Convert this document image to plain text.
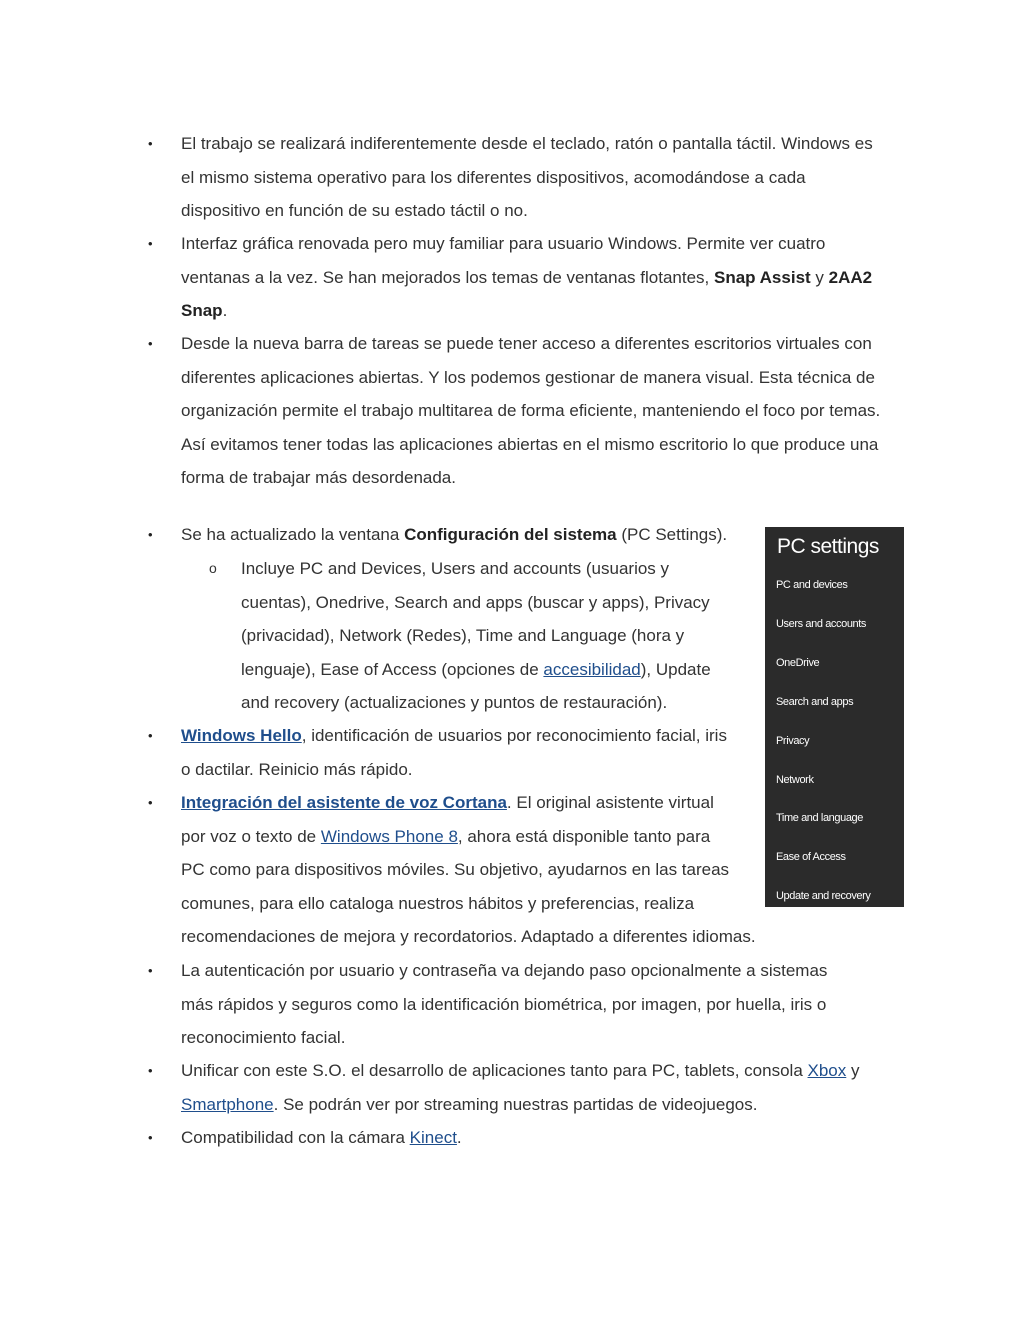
•	El trabajo se realizará indiferentemente desde el teclado, ratón o pantalla táctil. Windows es
el mismo sistema operativo para los diferentes dispositivos, acomodándose a cada
dispositivo en función de su estado táctil o no.
•	Interfaz gráfica renovada pero muy familiar para usuario Windows. Permite ver cuatro
ventanas a la vez. Se han mejorados los temas de ventanas flotantes, Snap Assist y 2AA2
Snap.
•	Desde la nueva barra de tareas se puede tener acceso a diferentes escritorios virtuales con
diferentes aplicaciones abiertas. Y los podemos gestionar de manera visual. Esta técnica de
organización permite el trabajo multitarea de forma eficiente, manteniendo el foco por temas.
Así evitamos tener todas las aplicaciones abiertas en el mismo escritorio lo que produce una
forma de trabajar más desordenada.
•	Se ha actualizado la ventana Configuración del sistema (PC Settings).
o	Incluye PC and Devices, Users and accounts (usuarios y
cuentas), Onedrive, Search and apps (buscar y apps), Privacy
(privacidad), Network (Redes), Time and Language (hora y
lenguaje), Ease of Access (opciones de accesibilidad), Update
and recovery (actualizaciones y puntos de restauración).
•	Windows Hello, identificación de usuarios por reconocimiento facial, iris
o dactilar. Reinicio más rápido.
•	Integración del asistente de voz Cortana. El original asistente virtual
por voz o texto de Windows Phone 8, ahora está disponible tanto para
PC como para dispositivos móviles. Su objetivo, ayudarnos en las tareas
comunes, para ello cataloga nuestros hábitos y preferencias, realiza
recomendaciones de mejora y recordatorios. Adaptado a diferentes idiomas.
•	La autenticación por usuario y contraseña va dejando paso opcionalmente a sistemas
más rápidos y seguros como la identificación biométrica, por imagen, por huella, iris o
reconocimiento facial.
•	Unificar con este S.O. el desarrollo de aplicaciones tanto para PC, tablets, consola Xbox y
Smartphone. Se podrán ver por streaming nuestras partidas de videojuegos.
•	Compatibilidad con la cámara Kinect.
PC settings
PC and devices
Users and accounts
OneDrive
Search and apps
Privacy
Network
Time and language
Ease of Access
Update and recovery
